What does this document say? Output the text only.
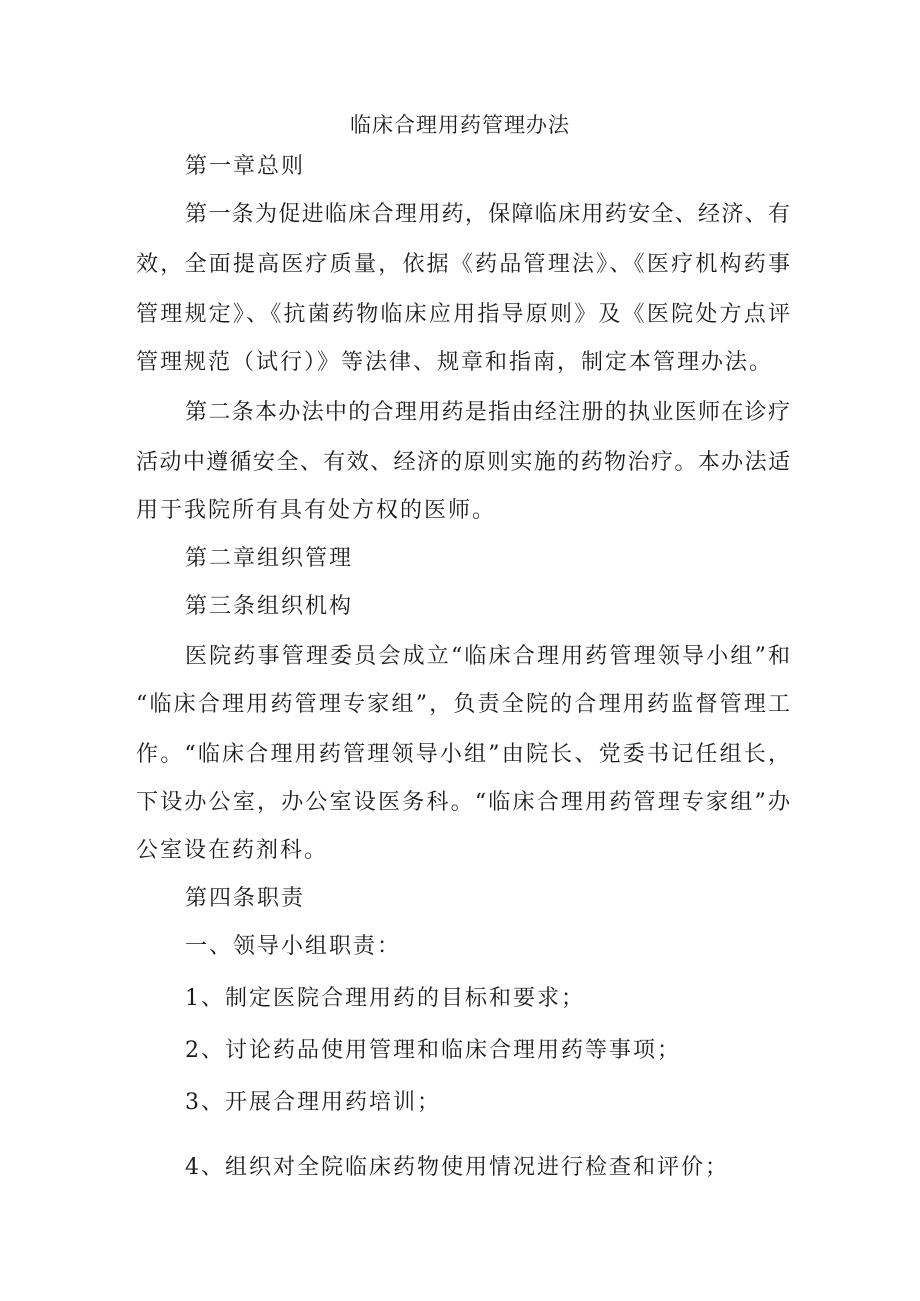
临床合理用药管理办法

第一章总则

第一条为促进临床合理用药，保障临床用药安全、经济、有

效，全面提高医疗质量，依据《药品管理法》、《医疗机构药事

管理规定》、《抗菌药物临床应用指导原则》及《医院处方点评

管理规范（试行）》等法律、规章和指南，制定本管理办法。

第二条本办法中的合理用药是指由经注册的执业医师在诊疗

活动中遵循安全、有效、经济的原则实施的药物治疗。本办法适

用于我院所有具有处方权的医师。

第二章组织管理

第三条组织机构

医院药事管理委员会成立“临床合理用药管理领导小组”和

“临床合理用药管理专家组”，负责全院的合理用药监督管理工

作。“临床合理用药管理领导小组”由院长、党委书记任组长，

下设办公室，办公室设医务科。“临床合理用药管理专家组”办

公室设在药剂科。

第四条职责

一、领导小组职责：

1、制定医院合理用药的目标和要求；

2、讨论药品使用管理和临床合理用药等事项；

3、开展合理用药培训；

4、组织对全院临床药物使用情况进行检查和评价；
